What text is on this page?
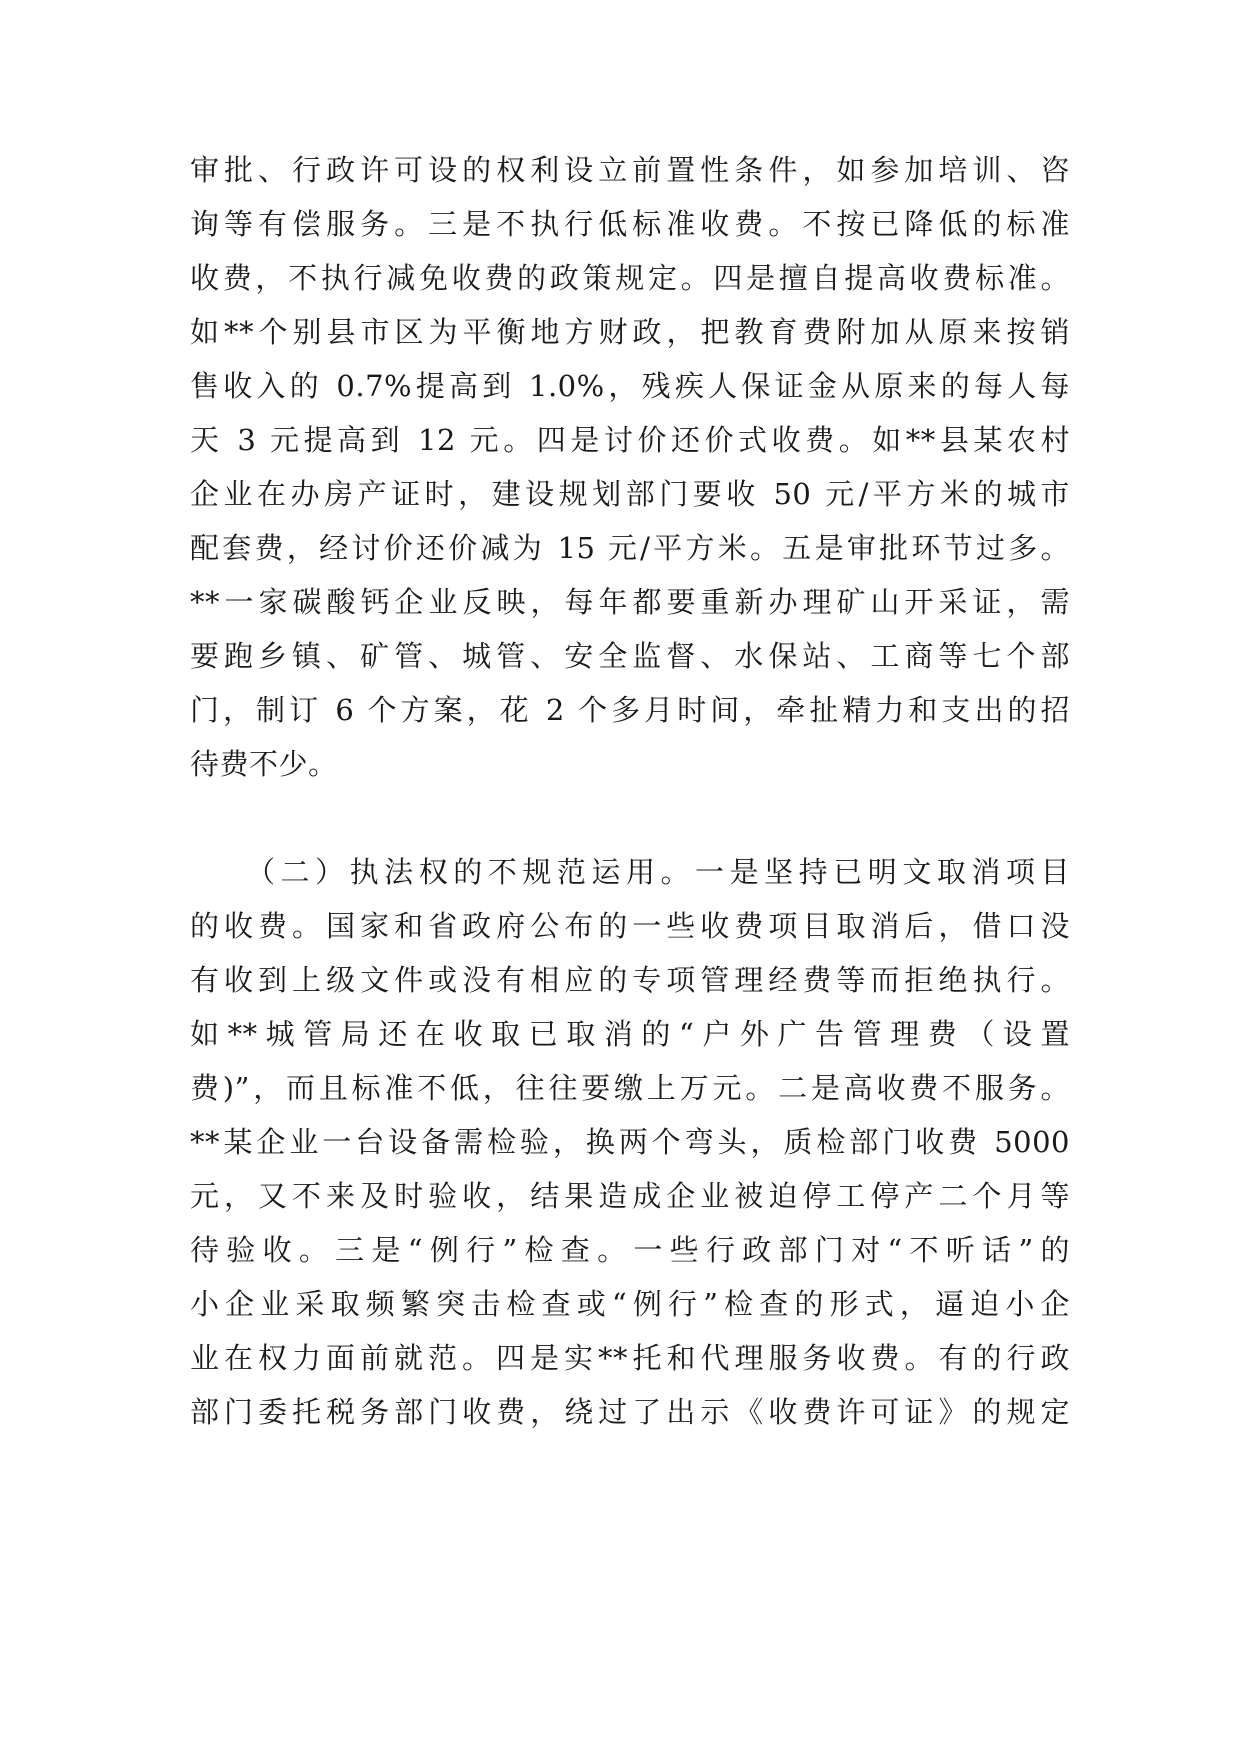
审批、行政许可设的权利设立前置性条件，如参加培训、咨
询等有偿服务。三是不执行低标准收费。不按已降低的标准
收费，不执行减免收费的政策规定。四是擅自提高收费标准。
如**个别县市区为平衡地方财政，把教育费附加从原来按销
售收入的 0.7%提高到 1.0%，残疾人保证金从原来的每人每
天 3 元提高到 12 元。四是讨价还价式收费。如**县某农村
企业在办房产证时，建设规划部门要收 50 元/平方米的城市
配套费，经讨价还价减为 15 元/平方米。五是审批环节过多。
**一家碳酸钙企业反映，每年都要重新办理矿山开采证，需
要跑乡镇、矿管、城管、安全监督、水保站、工商等七个部
门，制订 6 个方案，花 2 个多月时间，牵扯精力和支出的招
待费不少。
（二）执法权的不规范运用。一是坚持已明文取消项目
的收费。国家和省政府公布的一些收费项目取消后，借口没
有收到上级文件或没有相应的专项管理经费等而拒绝执行。
如**城管局还在收取已取消的“户外广告管理费（设置
费)”，而且标准不低，往往要缴上万元。二是高收费不服务。
**某企业一台设备需检验，换两个弯头，质检部门收费 5000
元，又不来及时验收，结果造成企业被迫停工停产二个月等
待验收。三是“例行”检查。一些行政部门对“不听话”的
小企业采取频繁突击检查或“例行”检查的形式，逼迫小企
业在权力面前就范。四是实**托和代理服务收费。有的行政
部门委托税务部门收费，绕过了出示《收费许可证》的规定
